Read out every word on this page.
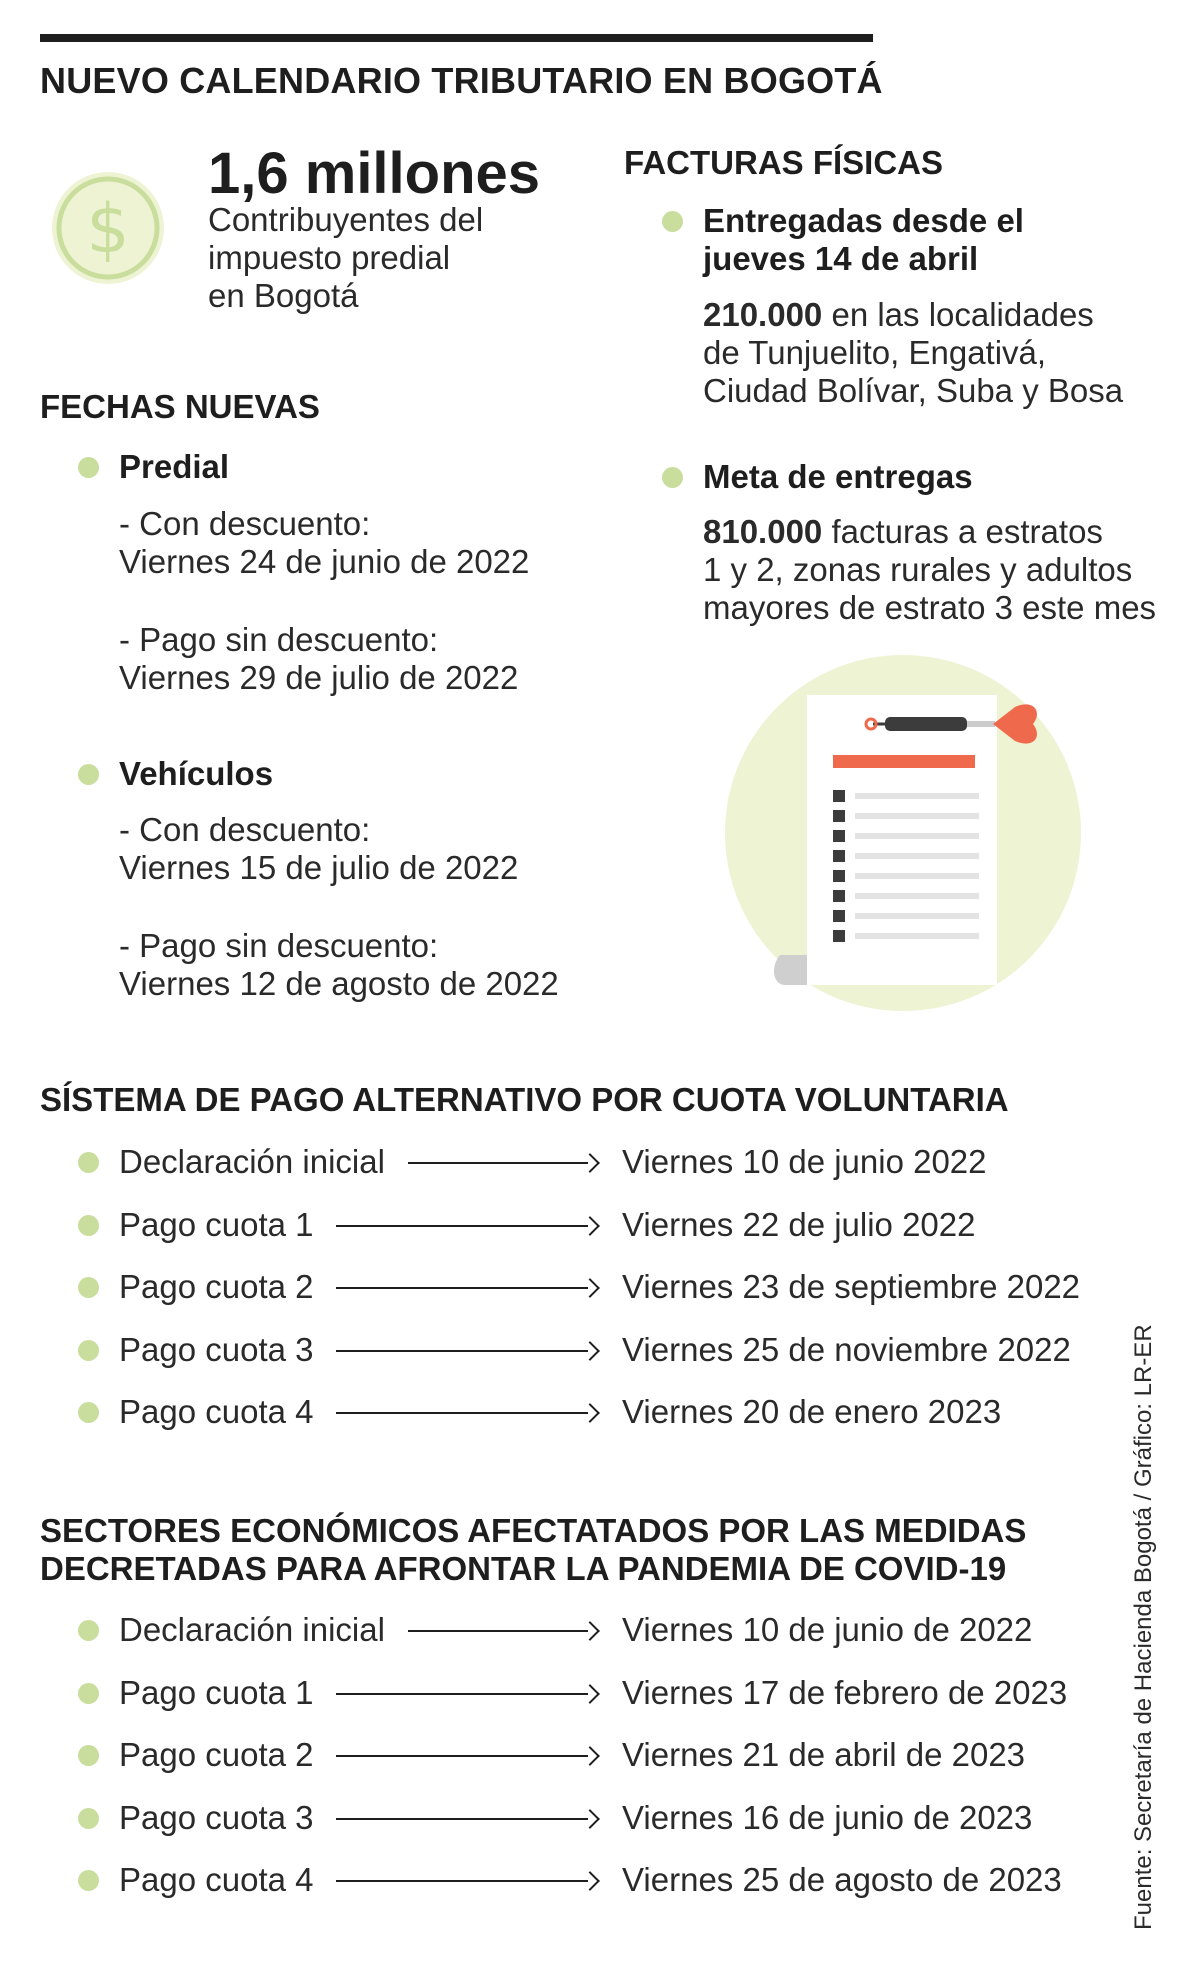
NUEVO CALENDARIO TRIBUTARIO EN BOGOTÁ
$
1,6 millones
Contribuyentes del
impuesto predial
en Bogotá
FECHAS NUEVAS
Predial
- Con descuento:
Viernes 24 de junio de 2022
- Pago sin descuento:
Viernes 29 de julio de 2022
Vehículos
- Con descuento:
Viernes 15 de julio de 2022
- Pago sin descuento:
Viernes 12 de agosto de 2022
FACTURAS FÍSICAS
Entregadas desde el
jueves 14 de abril
210.000 en las localidades
de Tunjuelito, Engativá,
Ciudad Bolívar, Suba y Bosa
Meta de entregas
810.000 facturas a estratos
1 y 2, zonas rurales y adultos
mayores de estrato 3 este mes
SÍSTEMA DE PAGO ALTERNATIVO POR CUOTA VOLUNTARIA
Declaración inicial	Viernes 10 de junio 2022
Pago cuota 1	Viernes 22 de julio 2022
Pago cuota 2	Viernes 23 de septiembre 2022
Pago cuota 3	Viernes 25 de noviembre 2022
Pago cuota 4	Viernes 20 de enero 2023
SECTORES ECONÓMICOS AFECTATADOS POR LAS MEDIDAS
DECRETADAS PARA AFRONTAR LA PANDEMIA DE COVID-19
Declaración inicial	Viernes 10 de junio de 2022
Pago cuota 1	Viernes 17 de febrero de 2023
Pago cuota 2	Viernes 21 de abril de 2023
Pago cuota 3	Viernes 16 de junio de 2023
Pago cuota 4	Viernes 25 de agosto de 2023	Fuente: Secretaría de Hacienda Bogotá / Gráfico: LR-ER
